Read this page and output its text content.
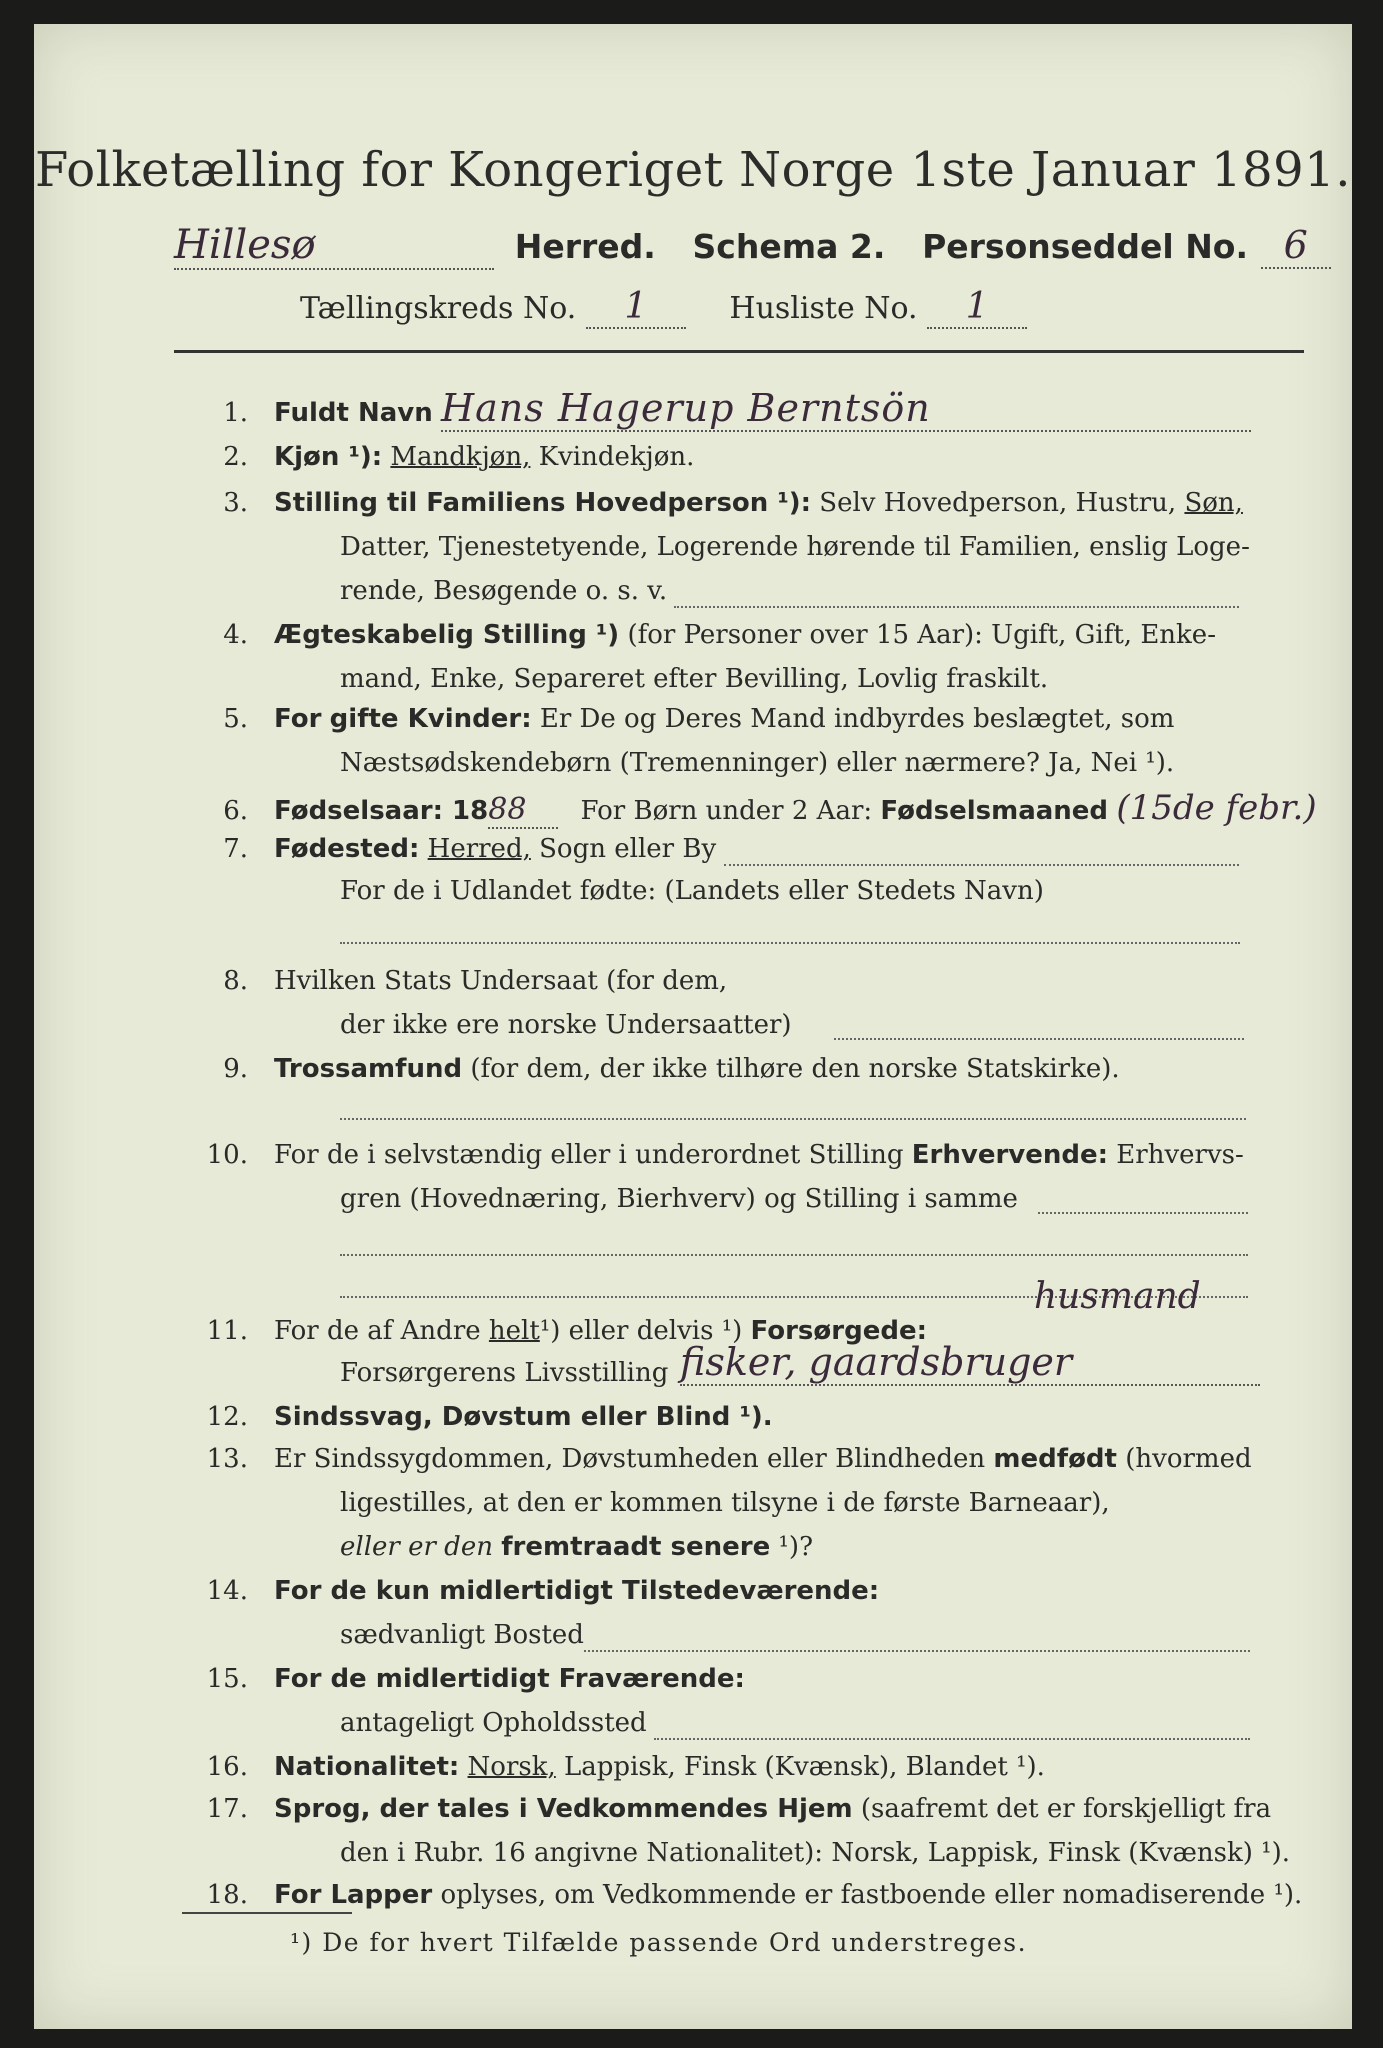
Folketælling for Kongeriget Norge 1ste Januar 1891.
Hillesø	Herred. Schema 2. Personseddel No. 6
Tællingskreds No. 1	Husliste No. 1
1. Fuldt Navn Hans Hagerup Berntsön
2. Kjøn ¹): Mandkjøn, Kvindekjøn.
3. Stilling til Familiens Hovedperson ¹): Selv Hovedperson, Hustru, Søn,
Datter, Tjenestetyende, Logerende hørende til Familien, enslig Loge-
rende, Besøgende o. s. v.
4. Ægteskabelig Stilling ¹) (for Personer over 15 Aar): Ugift, Gift, Enke-
mand, Enke, Separeret efter Bevilling, Lovlig fraskilt.
5. For gifte Kvinder: Er De og Deres Mand indbyrdes beslægtet, som
Næstsødskendebørn (Tremenninger) eller nærmere? Ja, Nei ¹).
6. Fødselsaar: 1888 For Børn under 2 Aar: Fødselsmaaned (15de febr.)
7. Fødested: Herred, Sogn eller By
For de i Udlandet fødte: (Landets eller Stedets Navn)
8. Hvilken Stats Undersaat (for dem,
der ikke ere norske Undersaatter)
9. Trossamfund (for dem, der ikke tilhøre den norske Statskirke).
10. For de i selvstændig eller i underordnet Stilling Erhvervende: Erhvervs-
gren (Hovednæring, Bierhverv) og Stilling i samme
11. For de af Andre helt¹) eller delvis ¹) Forsørgede:
husmand
Forsørgerens Livsstilling fisker, gaardsbruger
12. Sindssvag, Døvstum eller Blind ¹).
13. Er Sindssygdommen, Døvstumheden eller Blindheden medfødt (hvormed
ligestilles, at den er kommen tilsyne i de første Barneaar),
eller er den fremtraadt senere ¹)?
14. For de kun midlertidigt Tilstedeværende:
sædvanligt Bosted
15. For de midlertidigt Fraværende:
antageligt Opholdssted
16. Nationalitet: Norsk, Lappisk, Finsk (Kvænsk), Blandet ¹).
17. Sprog, der tales i Vedkommendes Hjem (saafremt det er forskjelligt fra
den i Rubr. 16 angivne Nationalitet): Norsk, Lappisk, Finsk (Kvænsk) ¹).
18. For Lapper oplyses, om Vedkommende er fastboende eller nomadiserende ¹).
¹) De for hvert Tilfælde passende Ord understreges.
